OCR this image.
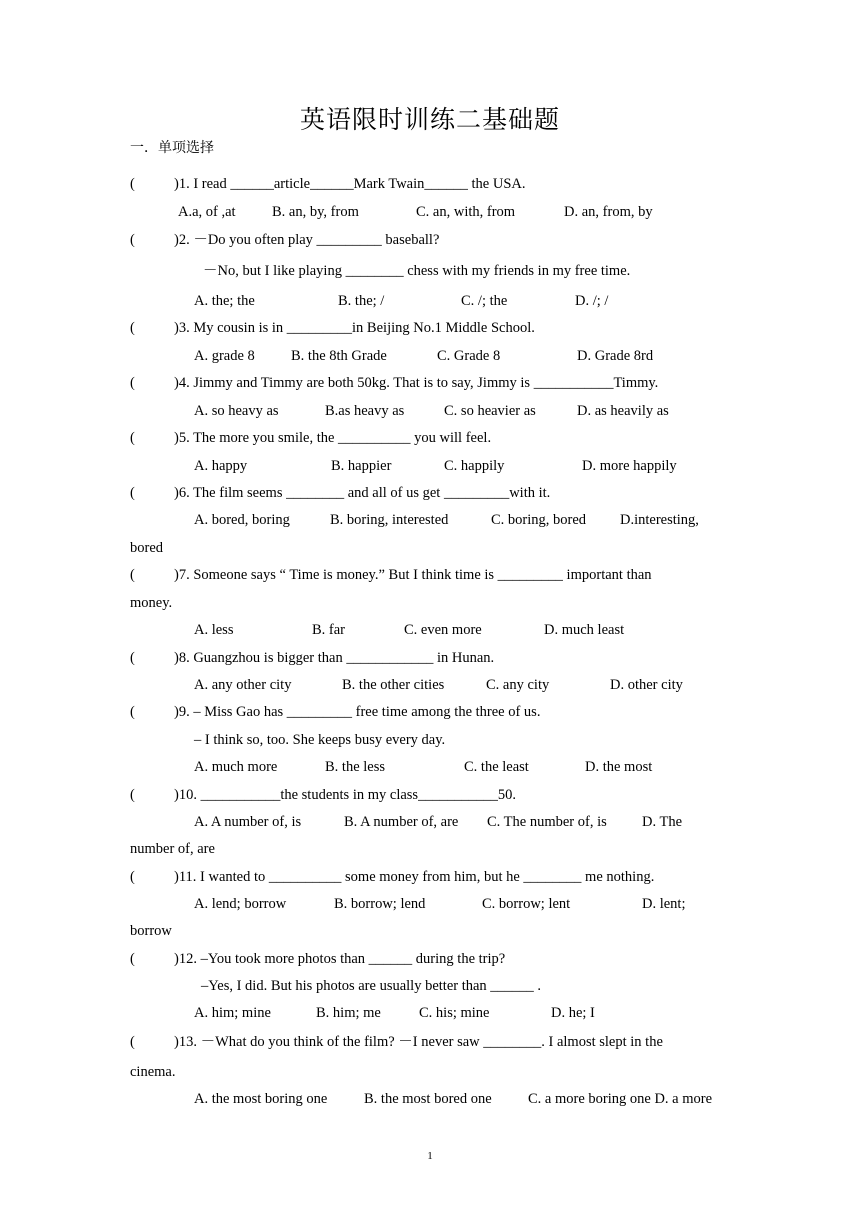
英语限时训练二基础题
一．单项选择
(	)1. I read ______article______Mark Twain______ the USA.
A.a, of ,at	B. an, by, from	C. an, with, from	D. an, from, by
(	)2. －Do you often play _________ baseball?
－No, but I like playing ________ chess with my friends in my free time.
A. the; the	B. the; /	C. /; the	D. /; /
(	)3. My cousin is in _________in Beijing No.1 Middle School.
A. grade 8 B. the 8th Grade	C. Grade 8	D. Grade 8rd
(	)4. Jimmy and Timmy are both 50kg. That is to say, Jimmy is ___________Timmy.
A. so heavy as	B.as heavy as	C. so heavier as	D. as heavily as
(	)5. The more you smile, the __________ you will feel.
A. happy	B. happier	C. happily	D. more happily
(	)6. The film seems ________ and all of us get _________with it.
A. bored, boring	B. boring, interested	C. boring, bored D.interesting,
bored
(	)7. Someone says “ Time is money.” But I think time is _________ important than
money.
A. less	B. far	C. even more	D. much least
(	)8. Guangzhou is bigger than ____________ in Hunan.
A. any other city	B. the other cities	C. any city	D. other city
(	)9. – Miss Gao has _________ free time among the three of us.
– I think so, too. She keeps busy every day.
A. much more	B. the less	C. the least	D. the most
(	)10. ___________the students in my class___________50.
A. A number of, is	B. A number of, are C. The number of, is D. The
number of, are
(	)11. I wanted to __________ some money from him, but he ________ me nothing.
A. lend; borrow	B. borrow; lend	C. borrow; lent	D. lent;
borrow
(	)12. –You took more photos than ______ during the trip?
–Yes, I did. But his photos are usually better than ______ .
A. him; mine	B. him; me	C. his; mine	D. he; I
(	)13. －What do you think of the film? －I never saw ________. I almost slept in the
cinema.
A. the most boring one	B. the most bored one	C. a more boring one D. a more
1
